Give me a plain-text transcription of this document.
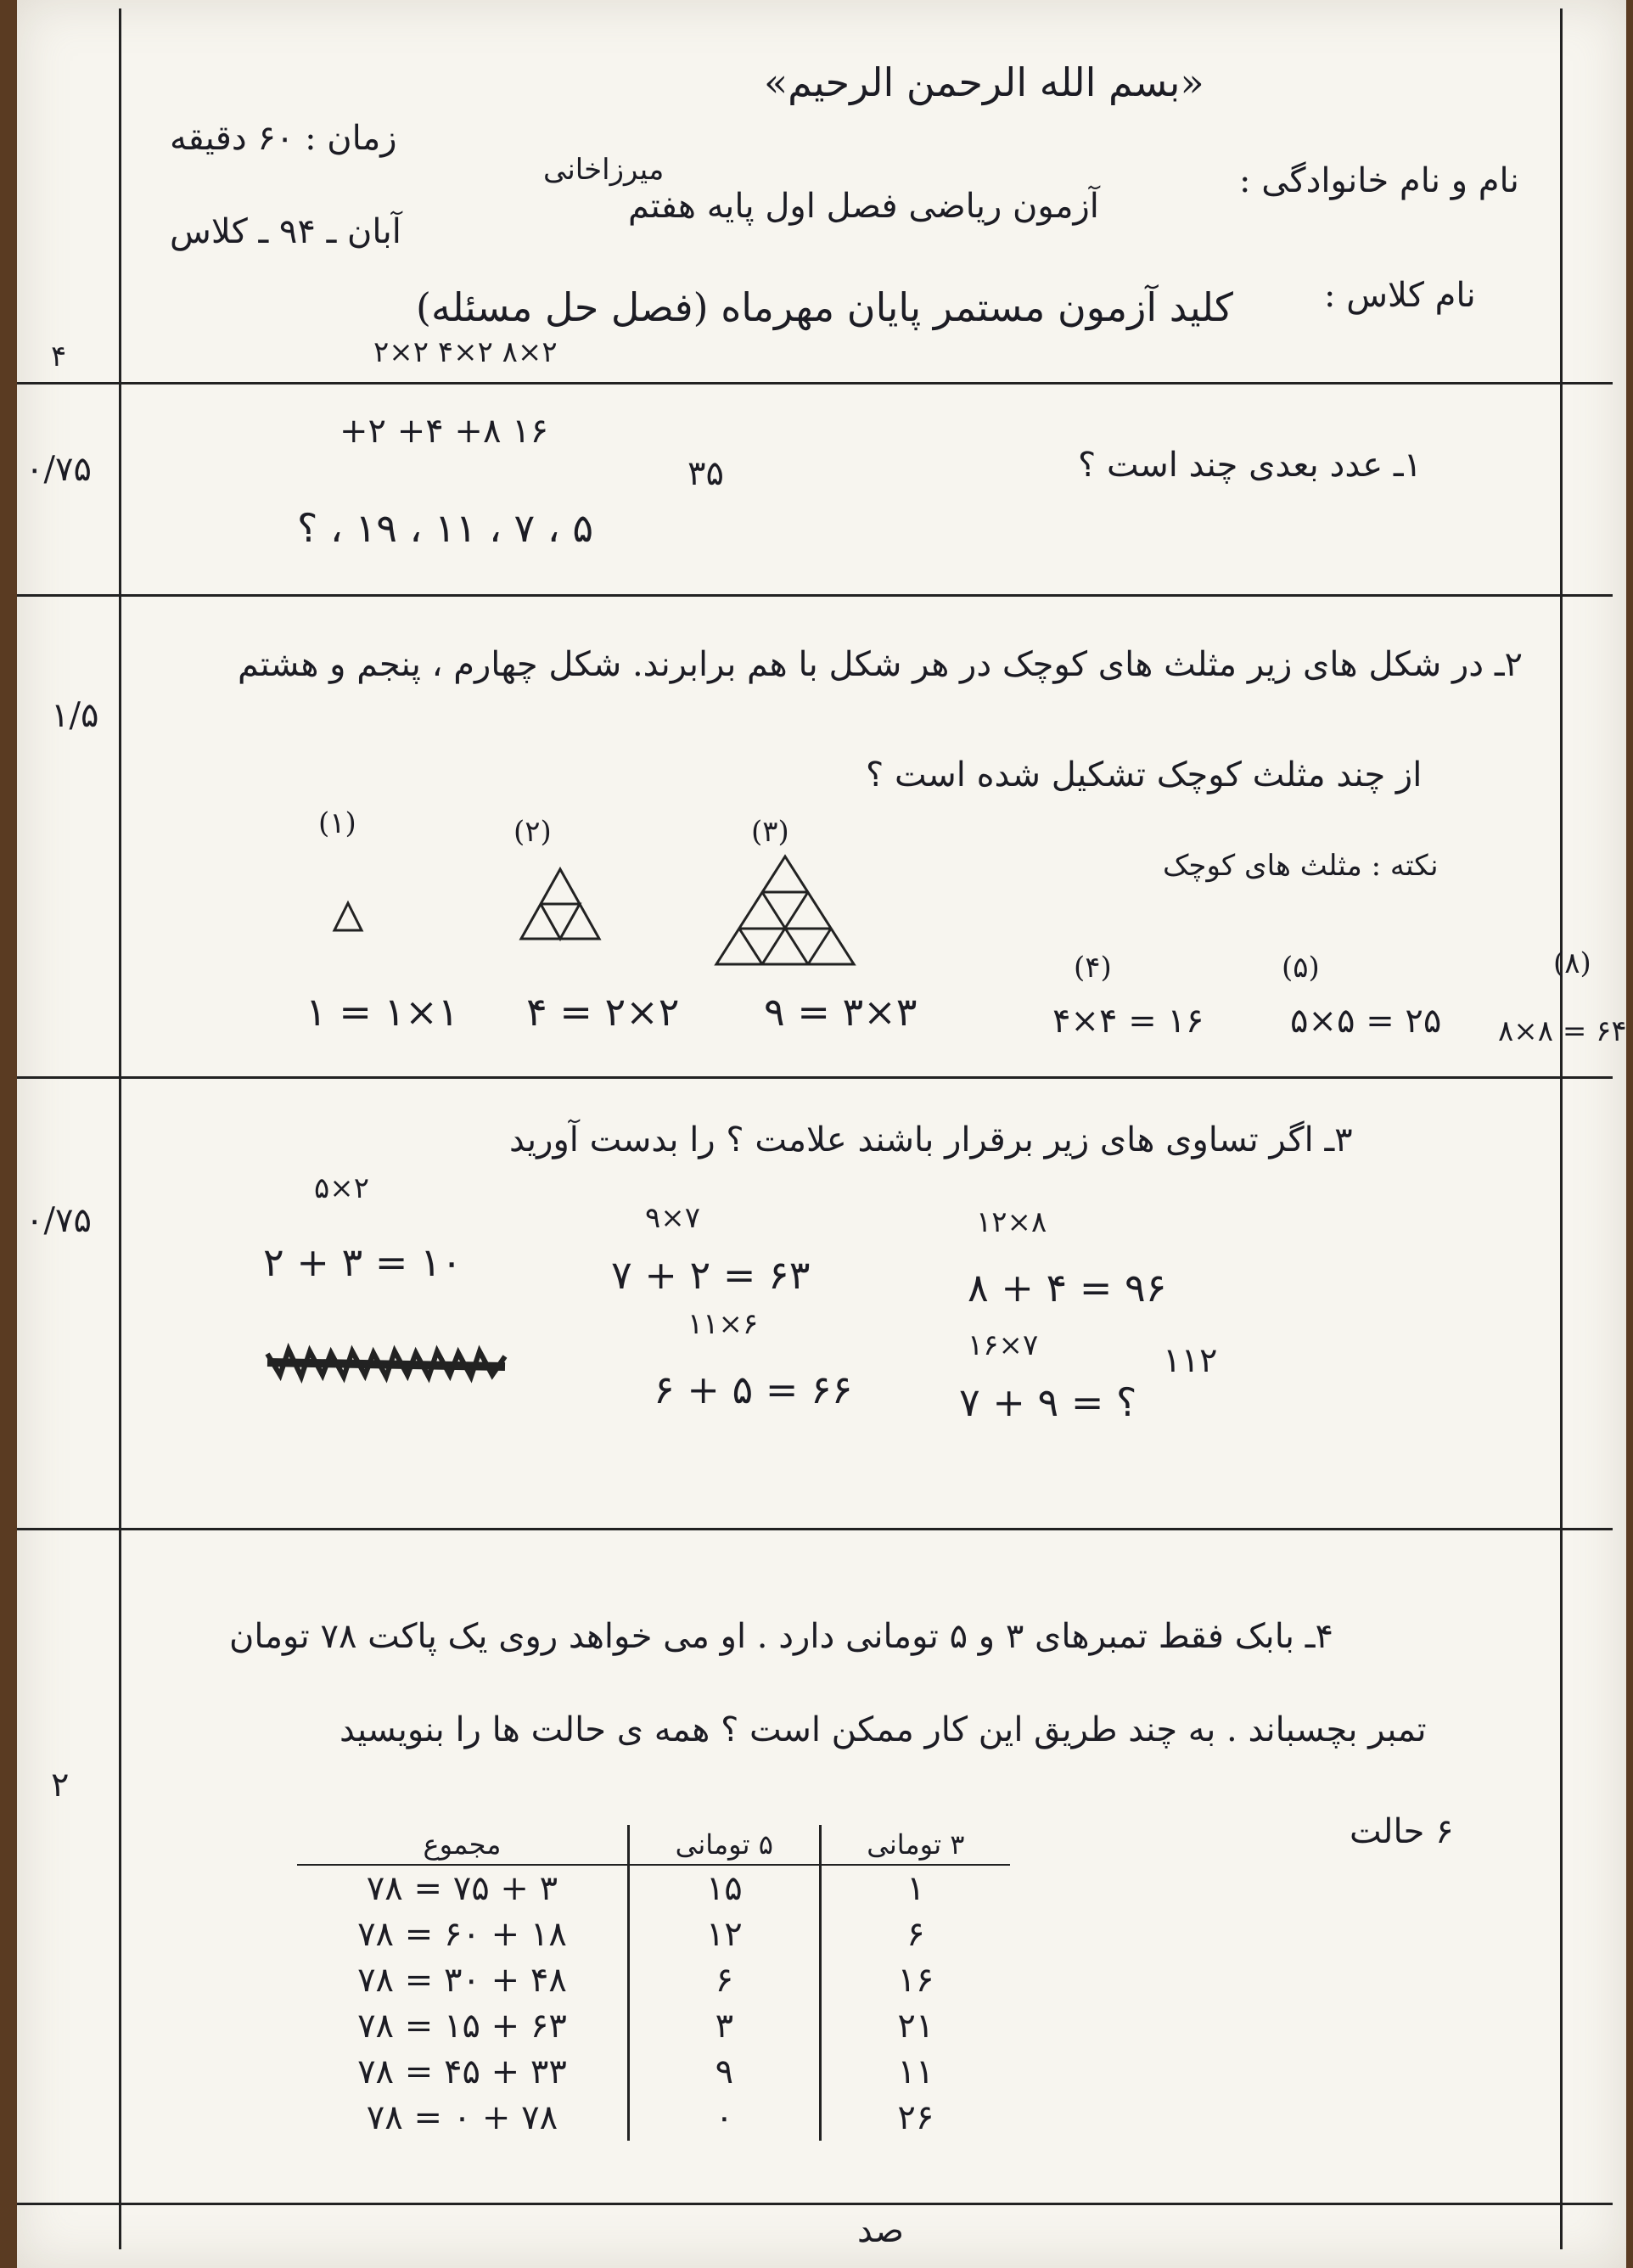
«بسم الله الرحمن الرحیم»
زمان : ۶۰ دقیقه
آبان ـ ۹۴ ـ کلاس
نام و نام خانوادگی :
آزمون ریاضی فصل اول پایه هفتم
میرزاخانی
نام کلاس :
کلید آزمون مستمر پایان مهرماه (فصل حل مسئله)
۴
۰/۷۵	۱ـ عدد بعدی چند است ؟
۲×۲ ۴×۲ ۸×۲
+۲ +۴ +۸ ۱۶
۳۵
۵ ، ۷ ، ۱۱ ، ۱۹ ، ؟
۱/۵
۲ـ در شکل های زیر مثلث های کوچک در هر شکل با هم برابرند. شکل چهارم ، پنجم و هشتم
از چند مثلث کوچک تشکیل شده است ؟
نکته : مثلث های کوچک
(۱)	(۲)	(۳)
(۴)	(۵)	(۸)
۱ = ۱×۱ ۴ = ۲×۲ ۹ = ۳×۳	۴×۴ = ۱۶	۵×۵ = ۲۵ ۸×۸ = ۶۴
۰/۷۵
۳ـ اگر تساوی های زیر برقرار باشند علامت ؟ را بدست آورید
۵×۲
۲ + ۳ = ۱۰
۹×۷
۷ + ۲ = ۶۳
۱۲×۸
۸ + ۴ = ۹۶
۱۱×۶
۶ + ۵ = ۶۶
۱۶×۷
۷ + ۹ = ؟
۱۱۲
۲
۴ـ بابک فقط تمبرهای ۳ و ۵ تومانی دارد . او می خواهد روی یک پاکت ۷۸ تومان
تمبر بچسباند . به چند طریق این کار ممکن است ؟ همه ی حالت ها را بنویسید
۶ حالت
۳ تومانی	۵ تومانی	مجموع
۱	۱۵	۳ + ۷۵ = ۷۸
۶	۱۲	۱۸ + ۶۰ = ۷۸
۱۶	۶	۴۸ + ۳۰ = ۷۸
۲۱	۳	۶۳ + ۱۵ = ۷۸
۱۱	۹	۳۳ + ۴۵ = ۷۸
۲۶	۰	۷۸ + ۰ = ۷۸
صد
